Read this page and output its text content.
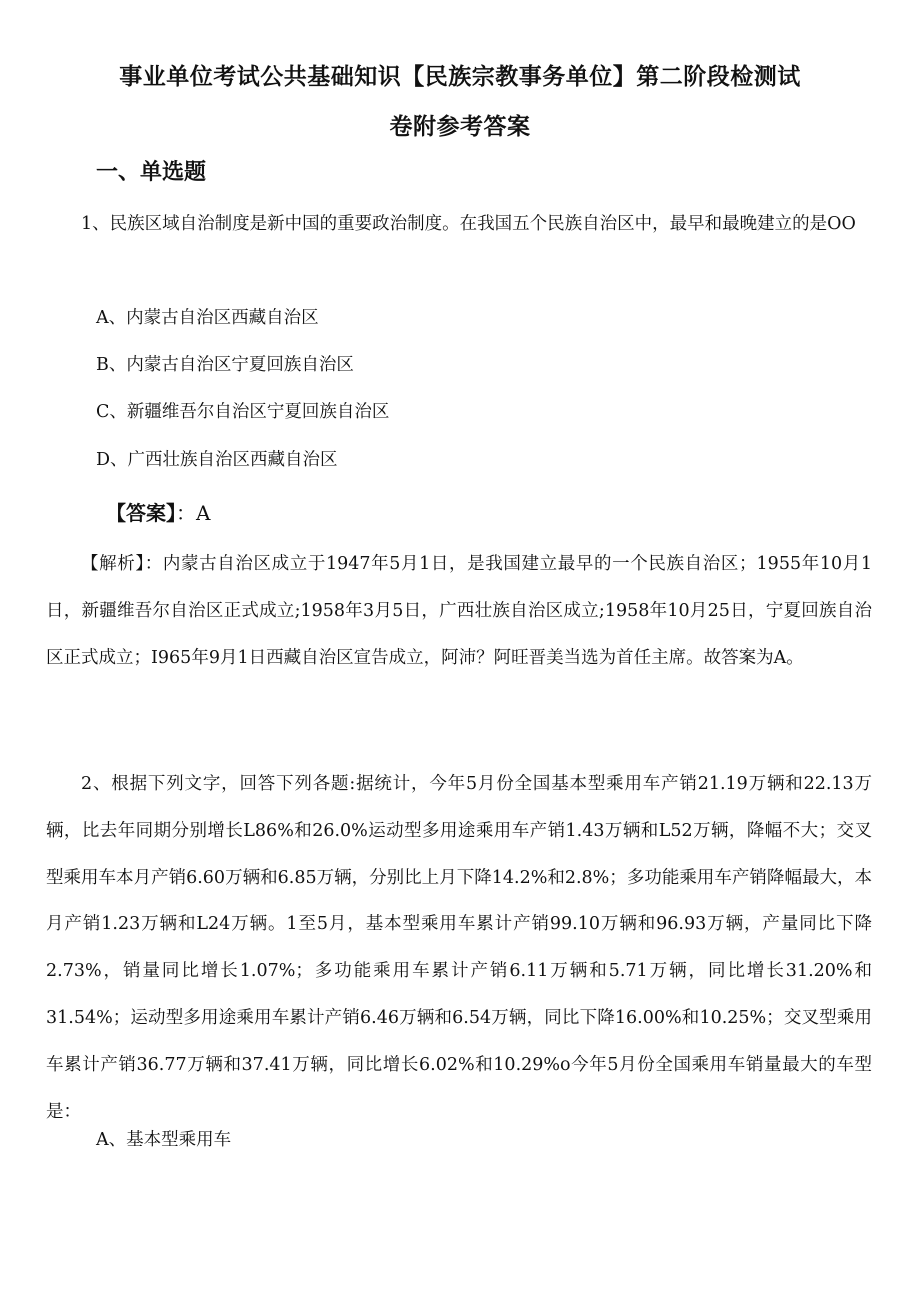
事业单位考试公共基础知识【民族宗教事务单位】第二阶段检测试
卷附参考答案
一、单选题

1、民族区域自治制度是新中国的重要政治制度。在我国五个民族自治区中，最早和最晚建立的是OO

A、内蒙古自治区西藏自治区

B、内蒙古自治区宁夏回族自治区

C、新疆维吾尔自治区宁夏回族自治区

D、广西壮族自治区西藏自治区

【答案】：A

【解析】：内蒙古自治区成立于1947年5月1日，是我国建立最早的一个民族自治区；1955年10月1日，新疆维吾尔自治区正式成立;1958年3月5日，广西壮族自治区成立;1958年10月25日，宁夏回族自治区正式成立；I965年9月1日西藏自治区宣告成立，阿沛？阿旺晋美当选为首任主席。故答案为A。

2、根据下列文字，回答下列各题:据统计，今年5月份全国基本型乘用车产销21.19万辆和22.13万辆，比去年同期分别增长L86%和26.0%运动型多用途乘用车产销1.43万辆和L52万辆，降幅不大；交叉型乘用车本月产销6.60万辆和6.85万辆，分别比上月下降14.2%和2.8%；多功能乘用车产销降幅最大，本月产销1.23万辆和L24万辆。1至5月，基本型乘用车累计产销99.10万辆和96.93万辆，产量同比下降2.73%，销量同比增长1.07%；多功能乘用车累计产销6.11万辆和5.71万辆，同比增长31.20%和31.54%；运动型多用途乘用车累计产销6.46万辆和6.54万辆，同比下降16.00%和10.25%；交叉型乘用车累计产销36.77万辆和37.41万辆，同比增长6.02%和10.29%o今年5月份全国乘用车销量最大的车型是：

A、基本型乘用车
